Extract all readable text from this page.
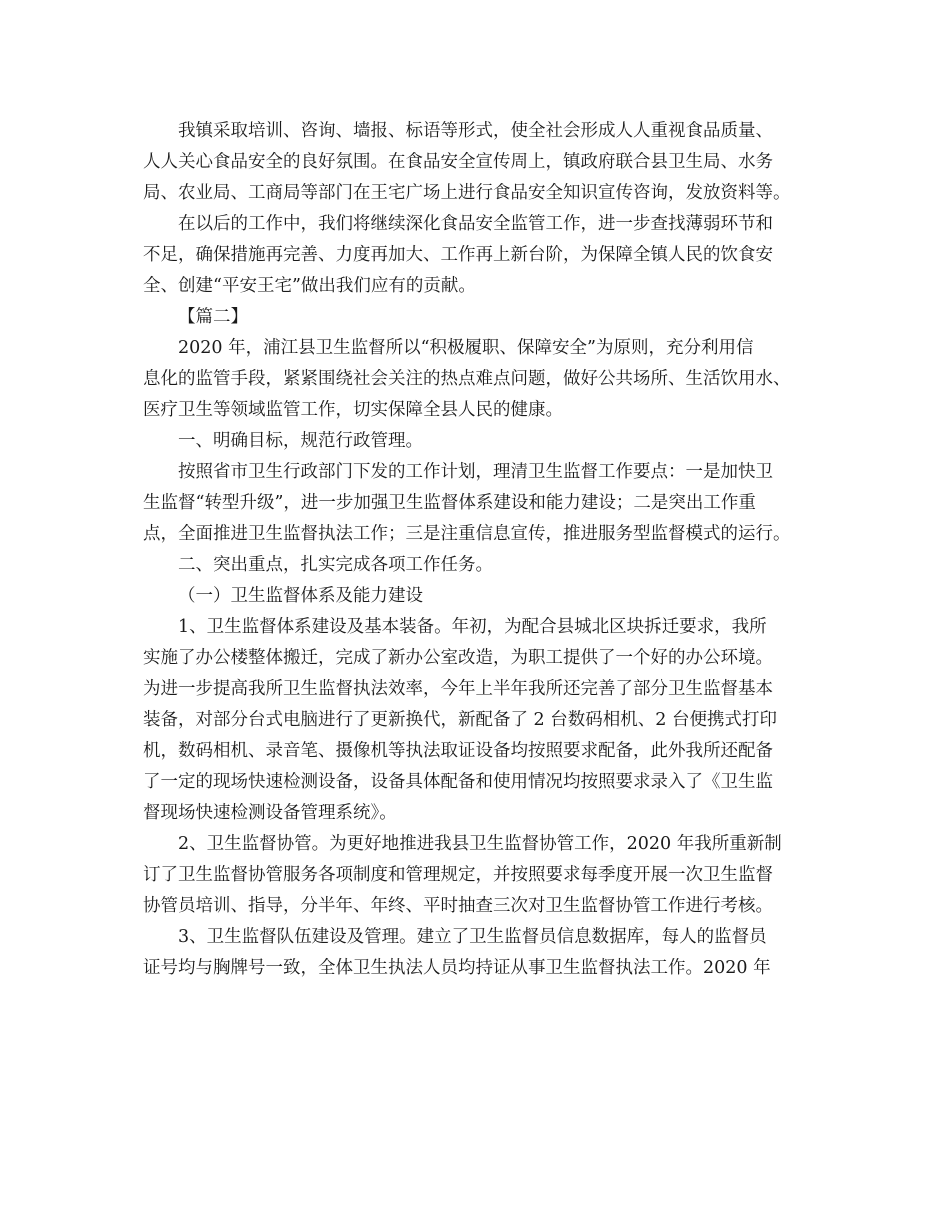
我镇采取培训、咨询、墙报、标语等形式，使全社会形成人人重视食品质量、
人人关心食品安全的良好氛围。在食品安全宣传周上，镇政府联合县卫生局、水务
局、农业局、工商局等部门在王宅广场上进行食品安全知识宣传咨询，发放资料等。
在以后的工作中，我们将继续深化食品安全监管工作，进一步查找薄弱环节和
不足，确保措施再完善、力度再加大、工作再上新台阶，为保障全镇人民的饮食安
全、创建“平安王宅”做出我们应有的贡献。
【篇二】
2020 年，浦江县卫生监督所以“积极履职、保障安全”为原则，充分利用信
息化的监管手段，紧紧围绕社会关注的热点难点问题，做好公共场所、生活饮用水、
医疗卫生等领域监管工作，切实保障全县人民的健康。
一、明确目标，规范行政管理。
按照省市卫生行政部门下发的工作计划，理清卫生监督工作要点：一是加快卫
生监督“转型升级”，进一步加强卫生监督体系建设和能力建设；二是突出工作重
点，全面推进卫生监督执法工作；三是注重信息宣传，推进服务型监督模式的运行。
二、突出重点，扎实完成各项工作任务。
（一）卫生监督体系及能力建设
1、卫生监督体系建设及基本装备。年初，为配合县城北区块拆迁要求，我所
实施了办公楼整体搬迁，完成了新办公室改造，为职工提供了一个好的办公环境。
为进一步提高我所卫生监督执法效率，今年上半年我所还完善了部分卫生监督基本
装备，对部分台式电脑进行了更新换代，新配备了 2 台数码相机、2 台便携式打印
机，数码相机、录音笔、摄像机等执法取证设备均按照要求配备，此外我所还配备
了一定的现场快速检测设备，设备具体配备和使用情况均按照要求录入了《卫生监
督现场快速检测设备管理系统》。
2、卫生监督协管。为更好地推进我县卫生监督协管工作，2020 年我所重新制
订了卫生监督协管服务各项制度和管理规定，并按照要求每季度开展一次卫生监督
协管员培训、指导，分半年、年终、平时抽查三次对卫生监督协管工作进行考核。
3、卫生监督队伍建设及管理。建立了卫生监督员信息数据库，每人的监督员
证号均与胸牌号一致，全体卫生执法人员均持证从事卫生监督执法工作。2020 年
